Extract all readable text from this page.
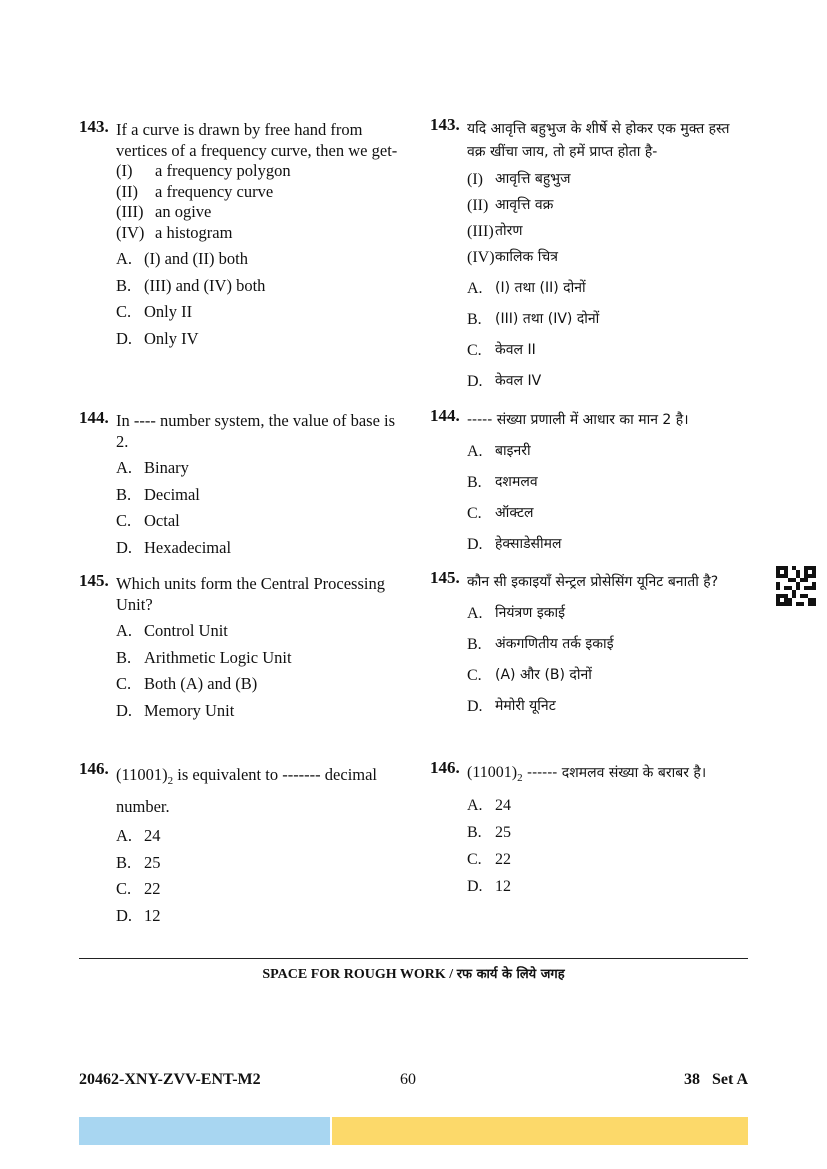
143. If a curve is drawn by free hand from vertices of a frequency curve, then we get-
(I)	a frequency polygon
(II)	a frequency curve
(III) an ogive
(IV) a histogram
A. (I) and (II) both
B. (III) and (IV) both
C. Only II
D. Only IV
144. In ---- number system, the value of base is 2.
A. Binary
B. Decimal
C. Octal
D. Hexadecimal
145. Which units form the Central Processing Unit?
A. Control Unit
B. Arithmetic Logic Unit
C. Both (A) and (B)
D. Memory Unit
146. $(11001)_2$ is equivalent to ------- decimal number.
A. 24
B. 25
C. 22
D. 12
143. यदि आवृत्ति बहुभुज के शीर्षे से होकर एक मुक्त हस्त वक्र खींचा जाय, तो हमें प्राप्त होता है-
(I) आवृत्ति बहुभुज
(II) आवृत्ति वक्र
(III) तोरण
(IV) कालिक चित्र
A. (I) तथा (II) दोनों
B. (III) तथा (IV) दोनों
C. केवल II
D. केवल IV
144. ----- संख्या प्रणाली में आधार का मान 2 है।
A. बाइनरी
B. दशमलव
C. ऑक्टल
D. हेक्साडेसीमल
145. कौन सी इकाइयाँ सेन्ट्रल प्रोसेसिंग यूनिट बनाती है?
A. नियंत्रण इकाई
B. अंकगणितीय तर्क इकाई
C. (A) और (B) दोनों
D. मेमोरी यूनिट
146. $(11001)_2$ ------ दशमलव संख्या के बराबर है।
A. 24
B. 25
C. 22
D. 12
SPACE FOR ROUGH WORK / रफ कार्य के लिये जगह
20462-XNY-ZVV-ENT-M2	60	38   Set A
